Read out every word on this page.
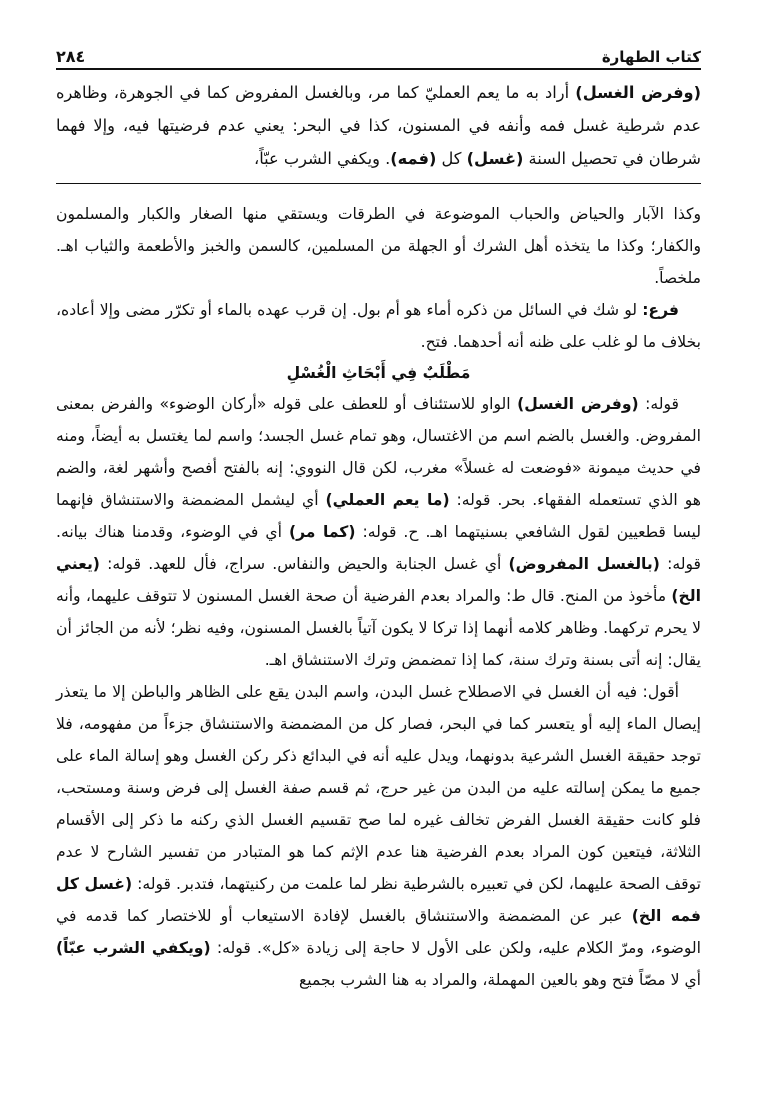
كتاب الطهارة
٢٨٤

(وفرض الغسل) أراد به ما يعم العمليّ كما مر، وبالغسل المفروض كما في الجوهرة، وظاهره عدم شرطية غسل فمه وأنفه في المسنون، كذا في البحر: يعني عدم فرضيتها فيه، وإلا فهما شرطان في تحصيل السنة (غسل) كل (فمه). ويكفي الشرب عبّاً،

وكذا الآبار والحياض والحباب الموضوعة في الطرقات ويستقي منها الصغار والكبار والمسلمون والكفار؛ وكذا ما يتخذه أهل الشرك أو الجهلة من المسلمين، كالسمن والخبز والأطعمة والثياب اهـ. ملخصاً.

فرع: لو شك في السائل من ذكره أماء هو أم بول. إن قرب عهده بالماء أو تكرّر مضى وإلا أعاده، بخلاف ما لو غلب على ظنه أنه أحدهما. فتح.

مَطْلَبٌ فِي أَبْحَاثِ الْغُسْلِ

قوله: (وفرض الغسل) الواو للاستئناف أو للعطف على قوله «أركان الوضوء» والفرض بمعنى المفروض. والغسل بالضم اسم من الاغتسال، وهو تمام غسل الجسد؛ واسم لما يغتسل به أيضاً، ومنه في حديث ميمونة «فوضعت له غسلاً» مغرب، لكن قال النووي: إنه بالفتح أفصح وأشهر لغة، والضم هو الذي تستعمله الفقهاء. بحر. قوله: (ما يعم العملي) أي ليشمل المضمضة والاستنشاق فإنهما ليسا قطعيين لقول الشافعي بسنيتهما اهـ. ح. قوله: (كما مر) أي في الوضوء، وقدمنا هناك بيانه. قوله: (بالغسل المفروض) أي غسل الجنابة والحيض والنفاس. سراج، فأل للعهد. قوله: (يعني الخ) مأخوذ من المنح. قال ط: والمراد بعدم الفرضية أن صحة الغسل المسنون لا تتوقف عليهما، وأنه لا يحرم تركهما. وظاهر كلامه أنهما إذا تركا لا يكون آتياً بالغسل المسنون، وفيه نظر؛ لأنه من الجائز أن يقال: إنه أتى بسنة وترك سنة، كما إذا تمضمض وترك الاستنشاق اهـ.

أقول: فيه أن الغسل في الاصطلاح غسل البدن، واسم البدن يقع على الظاهر والباطن إلا ما يتعذر إيصال الماء إليه أو يتعسر كما في البحر، فصار كل من المضمضة والاستنشاق جزءاً من مفهومه، فلا توجد حقيقة الغسل الشرعية بدونهما، ويدل عليه أنه في البدائع ذكر ركن الغسل وهو إسالة الماء على جميع ما يمكن إسالته عليه من البدن من غير حرج، ثم قسم صفة الغسل إلى فرض وسنة ومستحب، فلو كانت حقيقة الغسل الفرض تخالف غيره لما صح تقسيم الغسل الذي ركنه ما ذكر إلى الأقسام الثلاثة، فيتعين كون المراد بعدم الفرضية هنا عدم الإثم كما هو المتبادر من تفسير الشارح لا عدم توقف الصحة عليهما، لكن في تعبيره بالشرطية نظر لما علمت من ركنيتهما، فتدبر. قوله: (غسل كل فمه الخ) عبر عن المضمضة والاستنشاق بالغسل لإفادة الاستيعاب أو للاختصار كما قدمه في الوضوء، ومرّ الكلام عليه، ولكن على الأول لا حاجة إلى زيادة «كل». قوله: (ويكفي الشرب عبّاً) أي لا مصّاً فتح وهو بالعين المهملة، والمراد به هنا الشرب بجميع
